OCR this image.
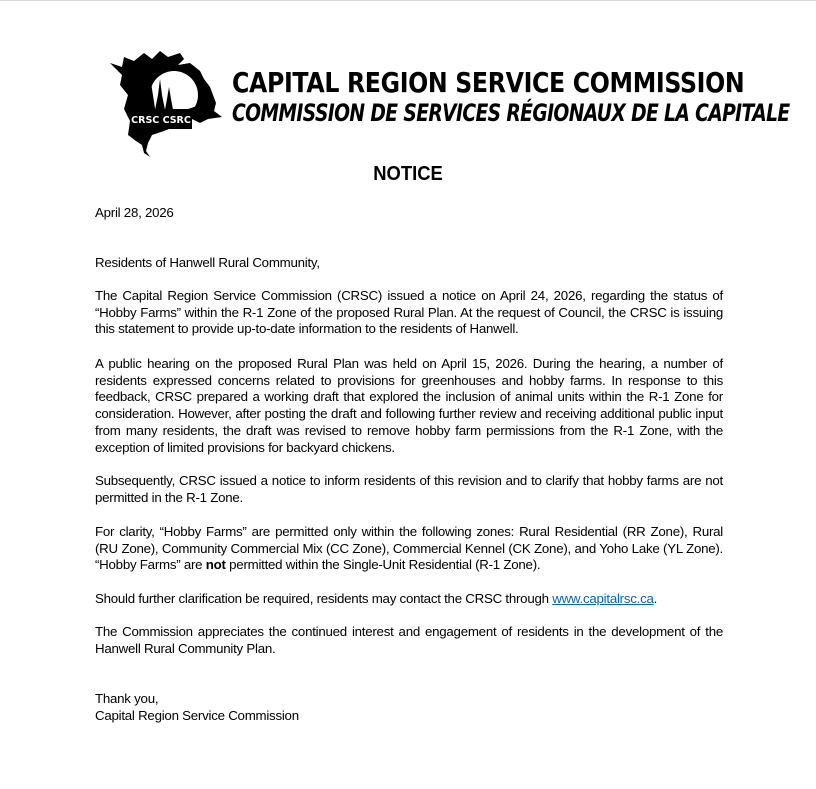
CRSC CSRC
CAPITAL REGION SERVICE COMMISSION
COMMISSION DE SERVICES RÉGIONAUX DE LA CAPITALE
NOTICE

April 28, 2026

Residents of Hanwell Rural Community,

The Capital Region Service Commission (CRSC) issued a notice on April 24, 2026, regarding the status of “Hobby Farms” within the R-1 Zone of the proposed Rural Plan. At the request of Council, the CRSC is issuing this statement to provide up-to-date information to the residents of Hanwell.

A public hearing on the proposed Rural Plan was held on April 15, 2026. During the hearing, a number of residents expressed concerns related to provisions for greenhouses and hobby farms. In response to this feedback, CRSC prepared a working draft that explored the inclusion of animal units within the R-1 Zone for consideration. However, after posting the draft and following further review and receiving additional public input from many residents, the draft was revised to remove hobby farm permissions from the R-1 Zone, with the exception of limited provisions for backyard chickens.

Subsequently, CRSC issued a notice to inform residents of this revision and to clarify that hobby farms are not permitted in the R-1 Zone.

For clarity, “Hobby Farms” are permitted only within the following zones: Rural Residential (RR Zone), Rural (RU Zone), Community Commercial Mix (CC Zone), Commercial Kennel (CK Zone), and Yoho Lake (YL Zone). “Hobby Farms” are not permitted within the Single-Unit Residential (R-1 Zone).

Should further clarification be required, residents may contact the CRSC through www.capitalrsc.ca.

The Commission appreciates the continued interest and engagement of residents in the development of the Hanwell Rural Community Plan.

Thank you,

Capital Region Service Commission
